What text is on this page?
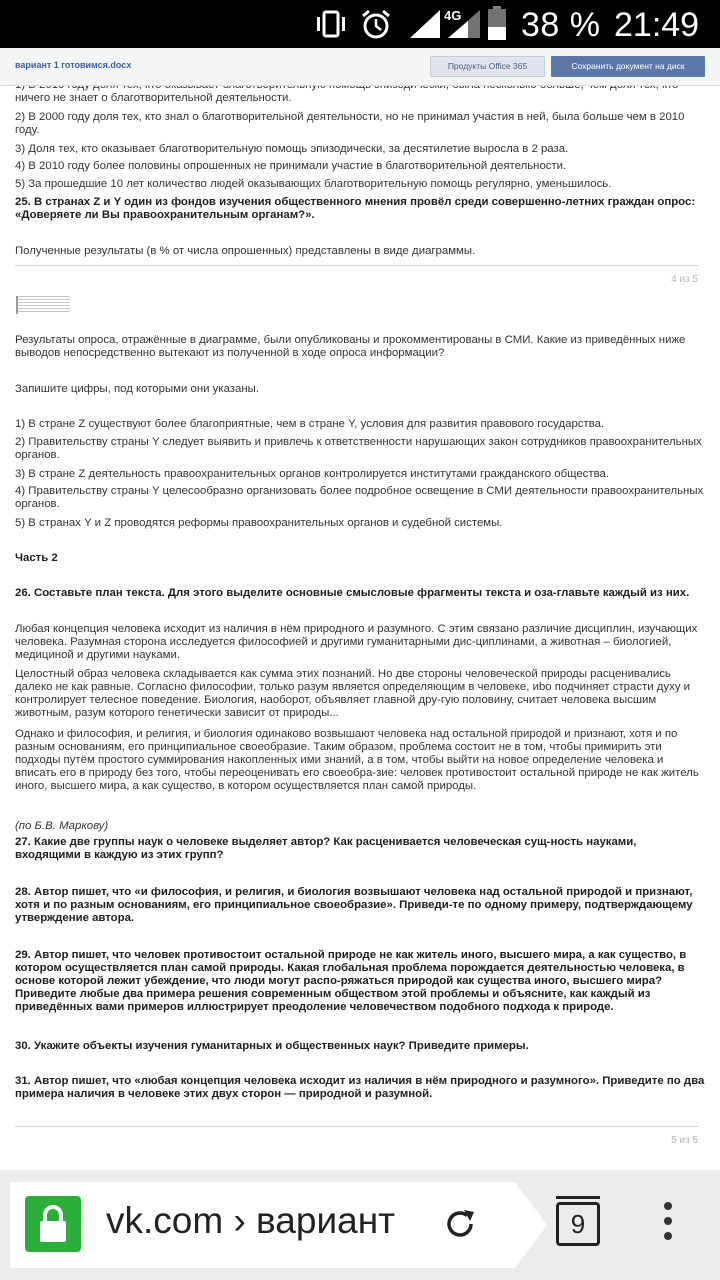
4G 38 % 21:49
вариант 1 готовимся.docx	Продукты Office 365	Сохранить документ на диск
ничего не знает о благотворительной деятельности.
2) В 2000 году доля тех, кто знал о благотворительной деятельности, но не принимал участия в ней, была больше чем в 2010 году.
3) Доля тех, кто оказывает благотворительную помощь эпизодически, за десятилетие выросла в 2 раза.
4) В 2010 году более половины опрошенных не принимали участие в благотворительной деятельности.
5) За прошедшие 10 лет количество людей оказывающих благотворительную помощь регулярно, уменьшилось.
25. В странах Z и Y один из фондов изучения общественного мнения провёл среди совершенно-летних граждан опрос: «Доверяете ли Вы правоохранительным органам?».
Полученные результаты (в % от числа опрошенных) представлены в виде диаграммы.
4 из 5
Результаты опроса, отражённые в диаграмме, были опубликованы и прокомментированы в СМИ. Какие из приведённых ниже выводов непосредственно вытекают из полученной в ходе опроса информации?
Запишите цифры, под которыми они указаны.
1) В стране Z существуют более благоприятные, чем в стране Y, условия для развития правового государства.
2) Правительству страны Y следует выявить и привлечь к ответственности нарушающих закон сотрудников правоохранительных органов.
3) В стране Z деятельность правоохранительных органов контролируется институтами гражданского общества.
4) Правительству страны Y целесообразно организовать более подробное освещение в СМИ деятельности правоохранительных органов.
5) В странах Y и Z проводятся реформы правоохранительных органов и судебной системы.
Часть 2
26. Составьте план текста. Для этого выделите основные смысловые фрагменты текста и оза-главьте каждый из них.
Любая концепция человека исходит из наличия в нём природного и разумного. С этим связано различие дисциплин, изучающих человека. Разумная сторона исследуется философией и другими гуманитарными дис-циплинами, а животная – биологией, медициной и другими науками.
Целостный образ человека складывается как сумма этих познаний. Но две стороны человеческой природы расценивались далеко не как равные. Согласно философии, только разум является определяющим в человеке, иbо подчиняет страсти духу и контролирует телесное поведение. Биология, наоборот, объявляет главной дру-гую половину, считает человека высшим животным, разум которого генетически зависит от природы...
Однако и философия, и религия, и биология одинаково возвышают человека над остальной природой и признают, хотя и по разным основаниям, его принципиальное своеобразие. Таким образом, проблема состоит не в том, чтобы примирить эти подходы путём простого суммирования накопленных ими знаний, а в том, чтобы выйти на новое определение человека и вписать его в природу без того, чтобы переоценивать его своеобра-зие: человек противостоит остальной природе не как житель иного, высшего мира, а как существо, в котором осуществляется план самой природы.
(по Б.В. Маркову)
27. Какие две группы наук о человеке выделяет автор? Как расценивается человеческая сущ-ность науками, входящими в каждую из этих групп?
28. Автор пишет, что «и философия, и религия, и биология возвышают человека над остальной природой и признают, хотя и по разным основаниям, его принципиальное своеобразие». Приведи-те по одному примеру, подтверждающему утверждение автора.
29. Автор пишет, что человек противостоит остальной природе не как житель иного, высшего мира, а как существо, в котором осуществляется план самой природы. Какая глобальная проблема порождается деятельностью человека, в основе которой лежит убеждение, что люди могут распо-ряжаться природой как существа иного, высшего мира? Приведите любые два примера решения современным обществом этой проблемы и объясните, как каждый из приведённых вами примеров иллюстрирует преодоление человечеством подобного подхода к природе.
30. Укажите объекты изучения гуманитарных и общественных наук? Приведите примеры.
31. Автор пишет, что «любая концепция человека исходит из наличия в нём природного и разумного». Приведите по два примера наличия в человеке этих двух сторон — природной и разумной.
5 из 5
vk.com › вариант	9
